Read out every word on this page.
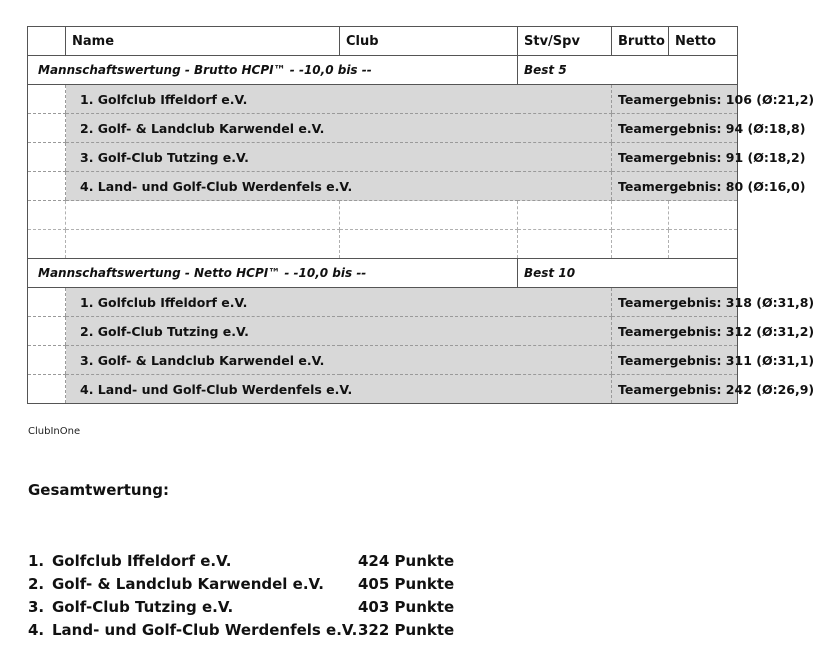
	Name	Club	Stv/Spv	Brutto	Netto
Mannschaftswertung - Brutto HCPI™ - -10,0 bis --			Best 5		
	1. Golfclub Iffeldorf e.V.			Teamergebnis: 106 (Ø:21,2)	
	2. Golf- & Landclub Karwendel e.V.			Teamergebnis: 94 (Ø:18,8)	
	3. Golf-Club Tutzing e.V.			Teamergebnis: 91 (Ø:18,2)	
	4. Land- und Golf-Club Werdenfels e.V.			Teamergebnis: 80 (Ø:16,0)	

Mannschaftswertung - Netto HCPI™ - -10,0 bis --			Best 10		
	1. Golfclub Iffeldorf e.V.			Teamergebnis: 318 (Ø:31,8)	
	2. Golf-Club Tutzing e.V.			Teamergebnis: 312 (Ø:31,2)	
	3. Golf- & Landclub Karwendel e.V.			Teamergebnis: 311 (Ø:31,1)	
	4. Land- und Golf-Club Werdenfels e.V.			Teamergebnis: 242 (Ø:26,9)	
ClubInOne
Gesamtwertung:
1. Golfclub Iffeldorf e.V.	424 Punkte
2. Golf- & Landclub Karwendel e.V.	405 Punkte
3. Golf-Club Tutzing e.V.	403 Punkte
4. Land- und Golf-Club Werdenfels e.V. 322 Punkte
